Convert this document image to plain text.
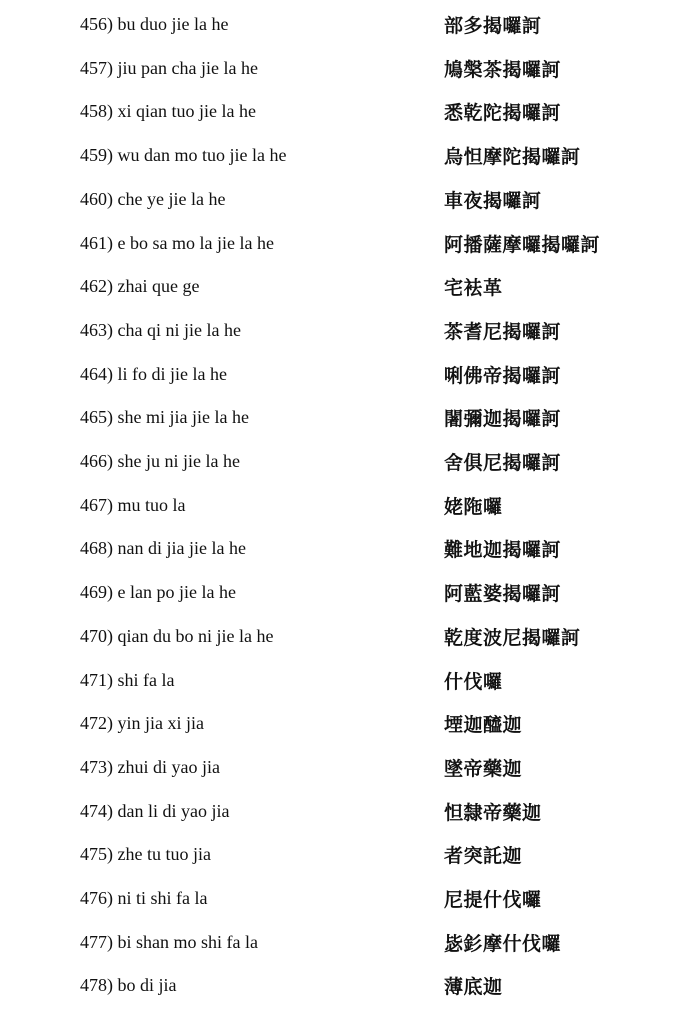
456) bu duo jie la he	部多揭囉訶
457) jiu pan cha jie la he	鳩槃茶揭囉訶
458) xi qian tuo jie la he	悉乾陀揭囉訶
459) wu dan mo tuo jie la he	烏怛摩陀揭囉訶
460) che ye jie la he	車夜揭囉訶
461) e bo sa mo la jie la he	阿播薩摩囉揭囉訶
462) zhai que ge	宅袪革
463) cha qi ni jie la he	茶耆尼揭囉訶
464) li fo di jie la he	唎佛帝揭囉訶
465) she mi jia jie la he	闍彌迦揭囉訶
466) she ju ni jie la he	舍俱尼揭囉訶
467) mu tuo la	姥陁囉
468) nan di jia jie la he	難地迦揭囉訶
469) e lan po jie la he	阿藍婆揭囉訶
470) qian du bo ni jie la he	乾度波尼揭囉訶
471) shi fa la	什伐囉
472) yin jia xi jia	堙迦醯迦
473) zhui di yao jia	墜帝藥迦
474) dan li di yao jia	怛隸帝藥迦
475) zhe tu tuo jia	者突託迦
476) ni ti shi fa la	尼提什伐囉
477) bi shan mo shi fa la	毖釤摩什伐囉
478) bo di jia	薄底迦
